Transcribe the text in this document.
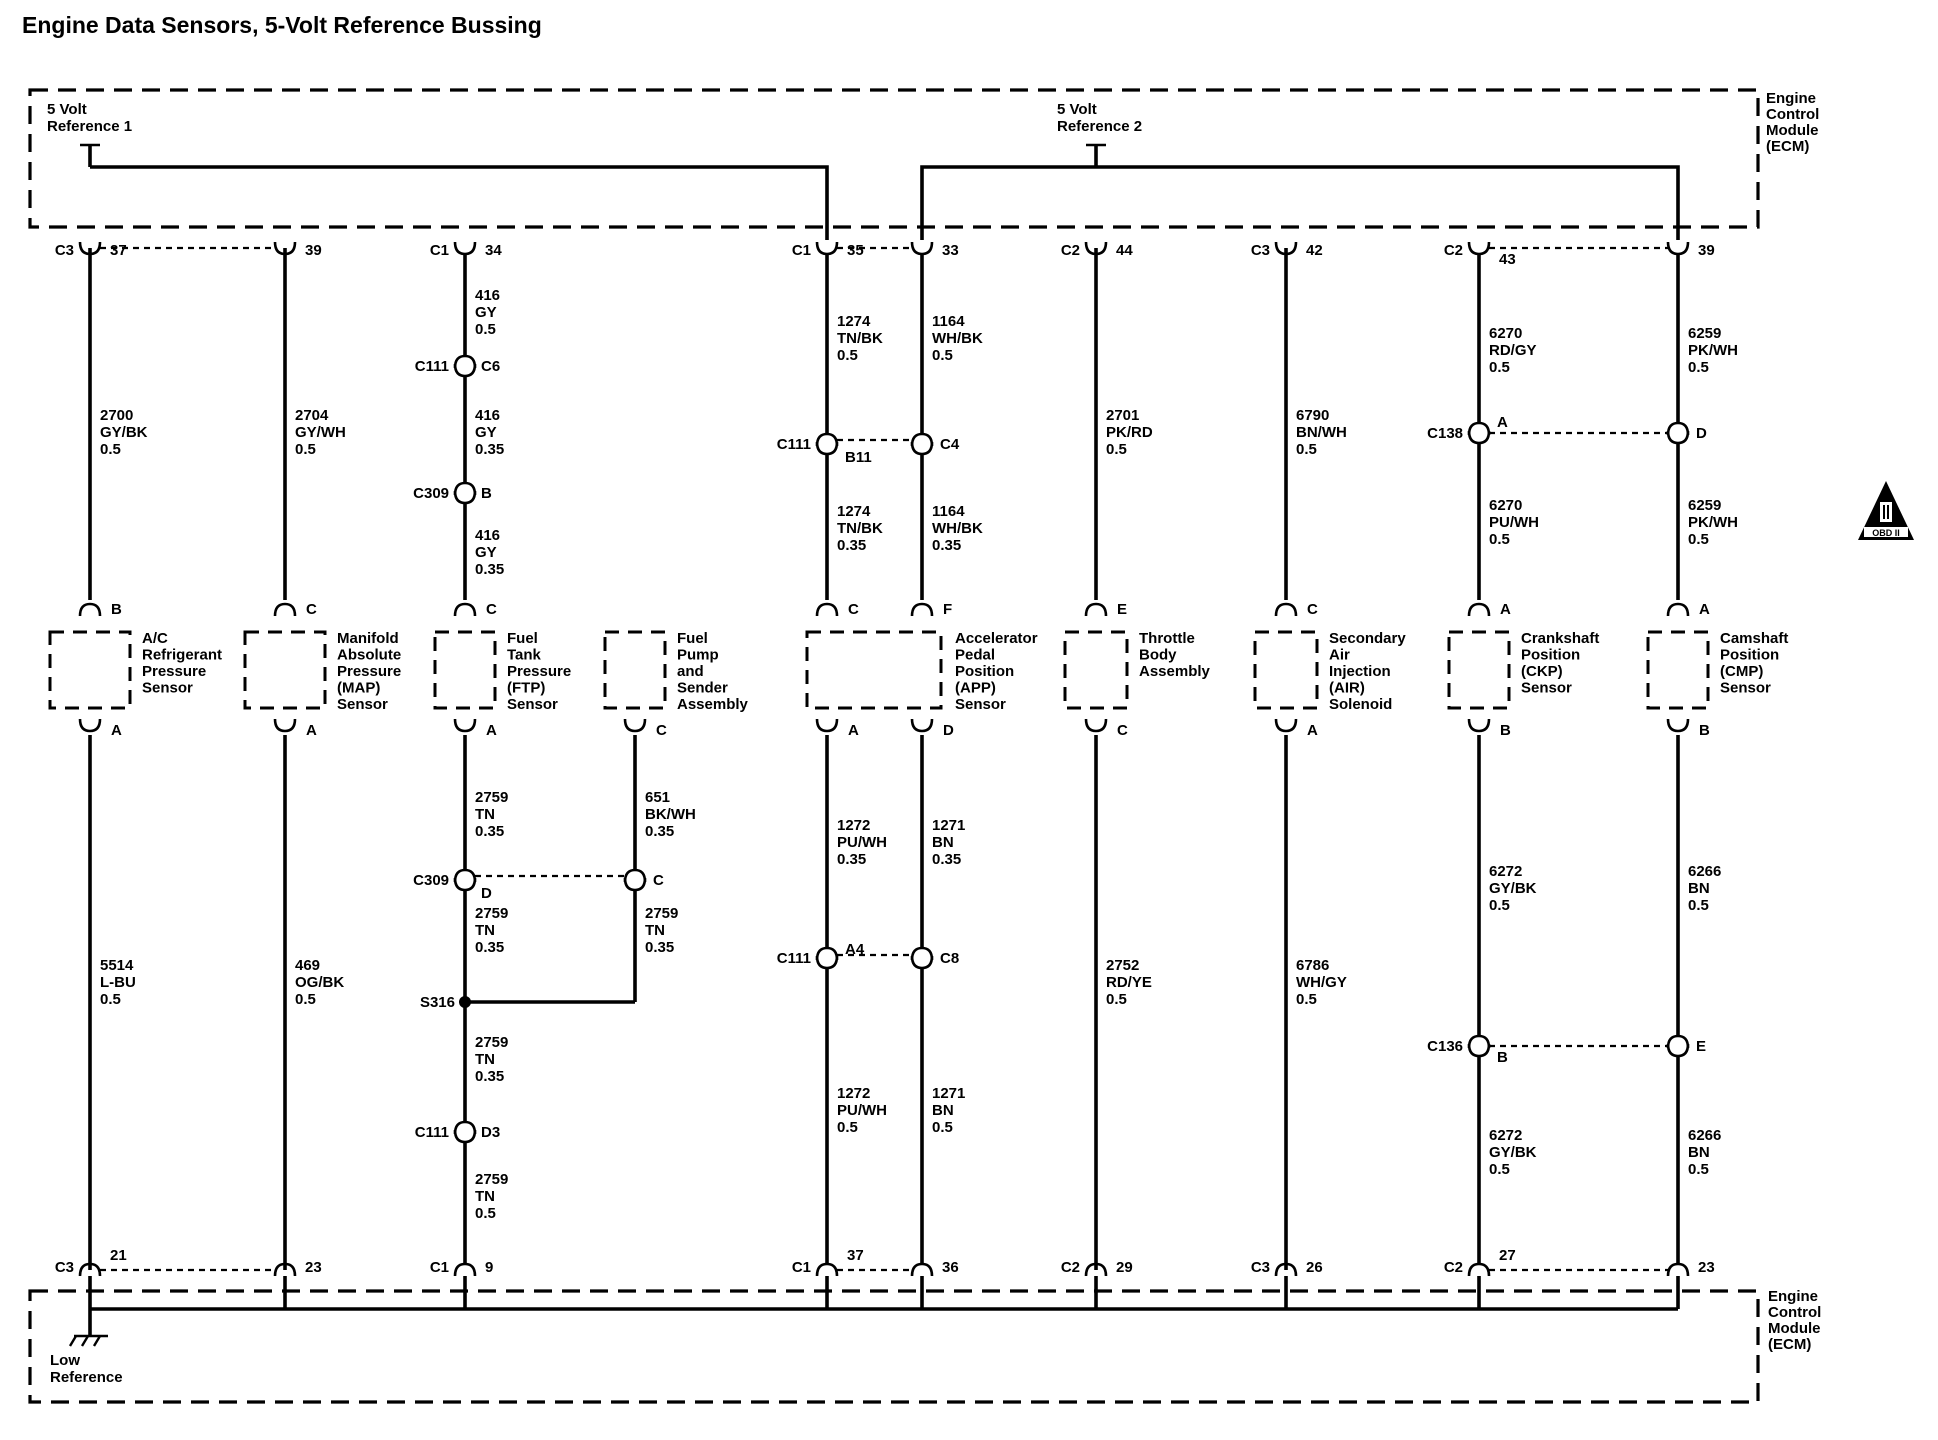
Engine Data Sensors, 5-Volt Reference Bussing
Engine
Control
Module
(ECM)
Engine
Control
Module
(ECM)
5 Volt
Reference 1
5 Volt
Reference 2
Low
Reference
OBD II
2700
GY/BK
0.5
5514
L-BU
0.5
2704
GY/WH
0.5
469
OG/BK
0.5
2701
PK/RD
0.5
2752
RD/YE
0.5
6790
BN/WH
0.5
6786
WH/GY
0.5
B
A
A/C
Refrigerant
Pressure
Sensor
C
A
Manifold
Absolute
Pressure
(MAP)
Sensor
C
A
Fuel
Tank
Pressure
(FTP)
Sensor
C
Fuel
Pump
and
Sender
Assembly
C
A
Accelerator
Pedal
Position
(APP)
Sensor
F
D
E
C
Throttle
Body
Assembly
C
A
Secondary
Air
Injection
(AIR)
Solenoid
A
B
Crankshaft
Position
(CKP)
Sensor
A
B
Camshaft
Position
(CMP)
Sensor
C3 37
C3
21
39
23
C1 34
C1 9
C1 35
C1
37
33
36
C2 44
C2 29
C3 42
C3 26
C2
43
C2
27
39
23
C111 C6
C309 B
C309
D
C111 D3
416
GY
0.5
416
GY
0.35
416
GY
0.35
2759
TN
0.35
2759
TN
0.35
2759
TN
0.35
2759
TN
0.5
S316
C
651
BK/WH
0.35
2759
TN
0.35
C111
B11
C111
A4
1274
TN/BK
0.5
1274
TN/BK
0.35
1272
PU/WH
0.35
1272
PU/WH
0.5
C4
C8
1164
WH/BK
0.5
1164
WH/BK
0.35
1271
BN
0.35
1271
BN
0.5
C138
A
C136
B
6270
RD/GY
0.5
6270
PU/WH
0.5
6272
GY/BK
0.5
6272
GY/BK
0.5
D
E
6259
PK/WH
0.5
6259
PK/WH
0.5
6266
BN
0.5
6266
BN
0.5
